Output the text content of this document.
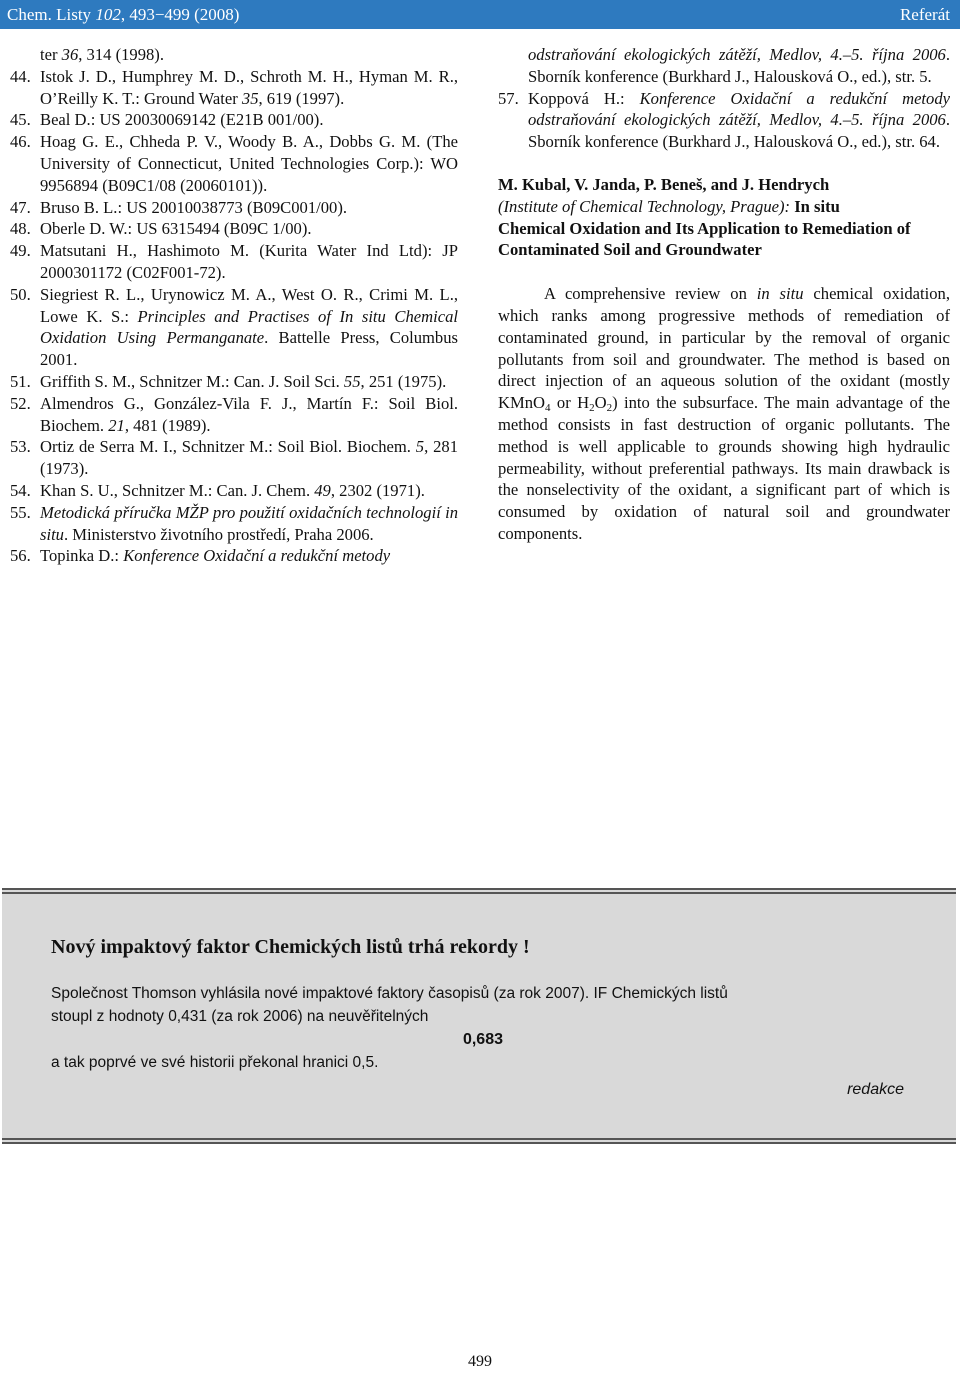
Chem. Listy 102, 493−499 (2008)	Referát
ter 36, 314 (1998).
44. Istok J. D., Humphrey M. D., Schroth M. H., Hyman M. R., O’Reilly K. T.: Ground Water 35, 619 (1997).
45. Beal D.: US 20030069142 (E21B 001/00).
46. Hoag G. E., Chheda P. V., Woody B. A., Dobbs G. M. (The University of Connecticut, United Technologies Corp.): WO 9956894 (B09C1/08 (20060101)).
47. Bruso B. L.: US 20010038773 (B09C001/00).
48. Oberle D. W.: US 6315494 (B09C 1/00).
49. Matsutani H., Hashimoto M. (Kurita Water Ind Ltd): JP 2000301172 (C02F001-72).
50. Siegriest R. L., Urynowicz M. A., West O. R., Crimi M. L., Lowe K. S.: Principles and Practises of In situ Chemical Oxidation Using Permanganate. Battelle Press, Columbus 2001.
51. Griffith S. M., Schnitzer M.: Can. J. Soil Sci. 55, 251 (1975).
52. Almendros G., González-Vila F. J., Martín F.: Soil Biol. Biochem. 21, 481 (1989).
53. Ortiz de Serra M. I., Schnitzer M.: Soil Biol. Biochem. 5, 281 (1973).
54. Khan S. U., Schnitzer M.: Can. J. Chem. 49, 2302 (1971).
55. Metodická příručka MŽP pro použití oxidačních technologií in situ. Ministerstvo životního prostředí, Praha 2006.
56. Topinka D.: Konference Oxidační a redukční metody
odstraňování ekologických zátěží, Medlov, 4.–5. října 2006. Sborník konference (Burkhard J., Halousková O., ed.), str. 5.
57. Koppová H.: Konference Oxidační a redukční metody odstraňování ekologických zátěží, Medlov, 4.–5. října 2006. Sborník konference (Burkhard J., Halousková O., ed.), str. 64.
M. Kubal, V. Janda, P. Beneš, and J. Hendrych
(Institute of Chemical Technology, Prague): In situ
Chemical Oxidation and Its Application to Remediation of Contaminated Soil and Groundwater
A comprehensive review on in situ chemical oxidation, which ranks among progressive methods of remediation of contaminated ground, in particular by the removal of organic pollutants from soil and groundwater. The method is based on direct injection of an aqueous solution of the oxidant (mostly KMnO$_4$ or $H_2O_2$) into the subsurface. The main advantage of the method consists in fast destruction of organic pollutants. The method is well applicable to grounds showing high hydraulic permeability, without preferential pathways. Its main drawback is the nonselectivity of the oxidant, a significant part of which is consumed by oxidation of natural soil and groundwater components.
Nový impaktový faktor Chemických listů trhá rekordy !
Společnost Thomson vyhlásila nové impaktové faktory časopisů (za rok 2007). IF Chemických listů stoupl z hodnoty 0,431 (za rok 2006) na neuvěřitelných
0,683
a tak poprvé ve své historii překonal hranici 0,5.
redakce
499
